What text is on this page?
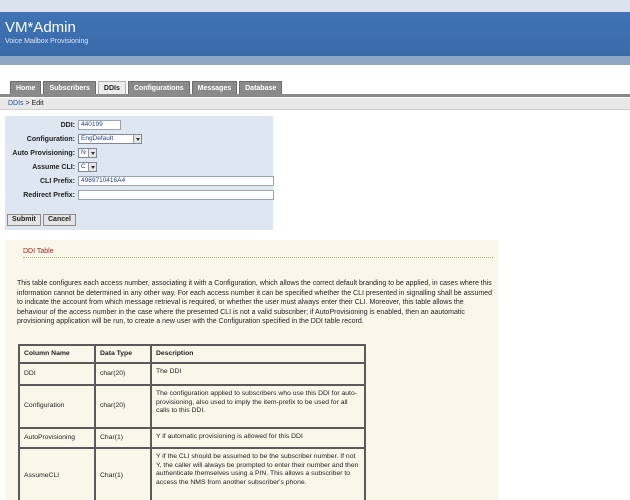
VM*Admin
Voice Mailbox Provisioning
Home	Subscribers	DDIs	Configurations	Messages	Database
DDIs > Edit
DDI: 440199
Configuration: EngDefault
Auto Provisioning: N
Assume CLI: C
CLI Prefix: 4969710416A4
Redirect Prefix:
Submit	Cancel
DDI Table
This table configures each access number, associating it with a Configuration, which allows the correct default branding to be applied, in cases where this information cannot be determined in any other way. For each access number it can be specified whether the CLI presented in signalling shall be assumed to indicate the account from which message retrieval is required, or whether the user must always enter their CLI. Moreover, this table allows the behaviour of the access number in the case where the presented CLI is not a valid subscriber; if AutoProvisioning is enabled, then an aautomatic provisioning application will be run, to create a new user with the Configuration specified in the DDI table record.
Column Name	Data Type	Description
DDI	char(20)	The DDI
Configuration	char(20)	The configuration applied to subscribers who use this DDI for auto-provisioning, also used to imply the item-prefix to be used for all calls to this DDI.
AutoProvisioning	Char(1)	Y if automatic provisioning is allowed for this DDI
AssumeCLI	Char(1)	Y if the CLI should be assumed to be the subscriber number. If not Y, the caller will always be prompted to enter their number and then authenticate themselves using a PIN. This allows a subscriber to access the NMS from another subscriber's phone.
